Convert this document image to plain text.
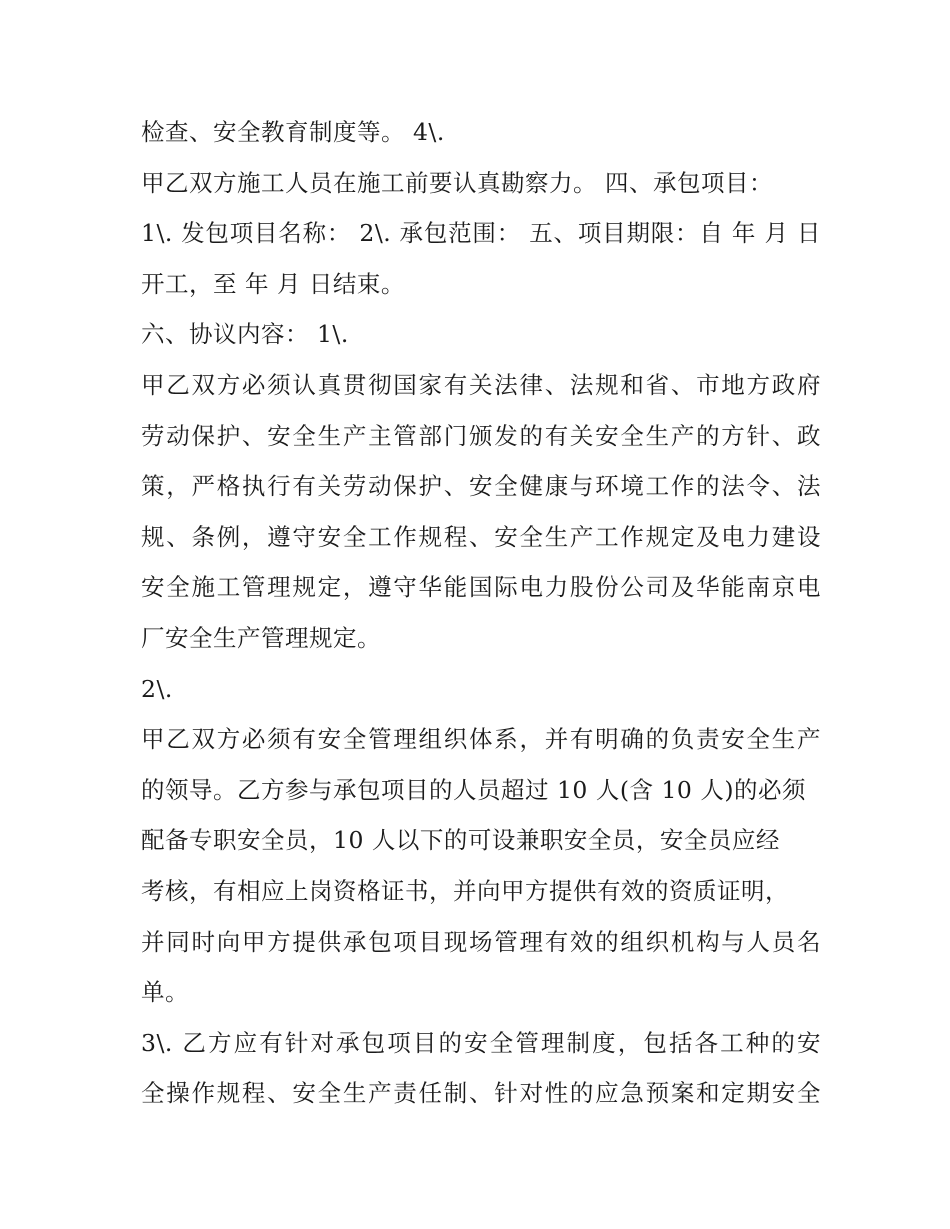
检查、安全教育制度等。 4\.
甲乙双方施工人员在施工前要认真勘察力。 四、承包项目：
1\. 发包项目名称： 2\. 承包范围： 五、项目期限：自 年 月 日
开工，至 年 月 日结束。
六、协议内容： 1\.
甲乙双方必须认真贯彻国家有关法律、法规和省、市地方政府
劳动保护、安全生产主管部门颁发的有关安全生产的方针、政
策，严格执行有关劳动保护、安全健康与环境工作的法令、法
规、条例，遵守安全工作规程、安全生产工作规定及电力建设
安全施工管理规定，遵守华能国际电力股份公司及华能南京电
厂安全生产管理规定。
2\.
甲乙双方必须有安全管理组织体系，并有明确的负责安全生产
的领导。乙方参与承包项目的人员超过 10 人(含 10 人)的必须
配备专职安全员，10 人以下的可设兼职安全员，安全员应经
考核，有相应上岗资格证书，并向甲方提供有效的资质证明，
并同时向甲方提供承包项目现场管理有效的组织机构与人员名
单。
3\. 乙方应有针对承包项目的安全管理制度，包括各工种的安
全操作规程、安全生产责任制、针对性的应急预案和定期安全
